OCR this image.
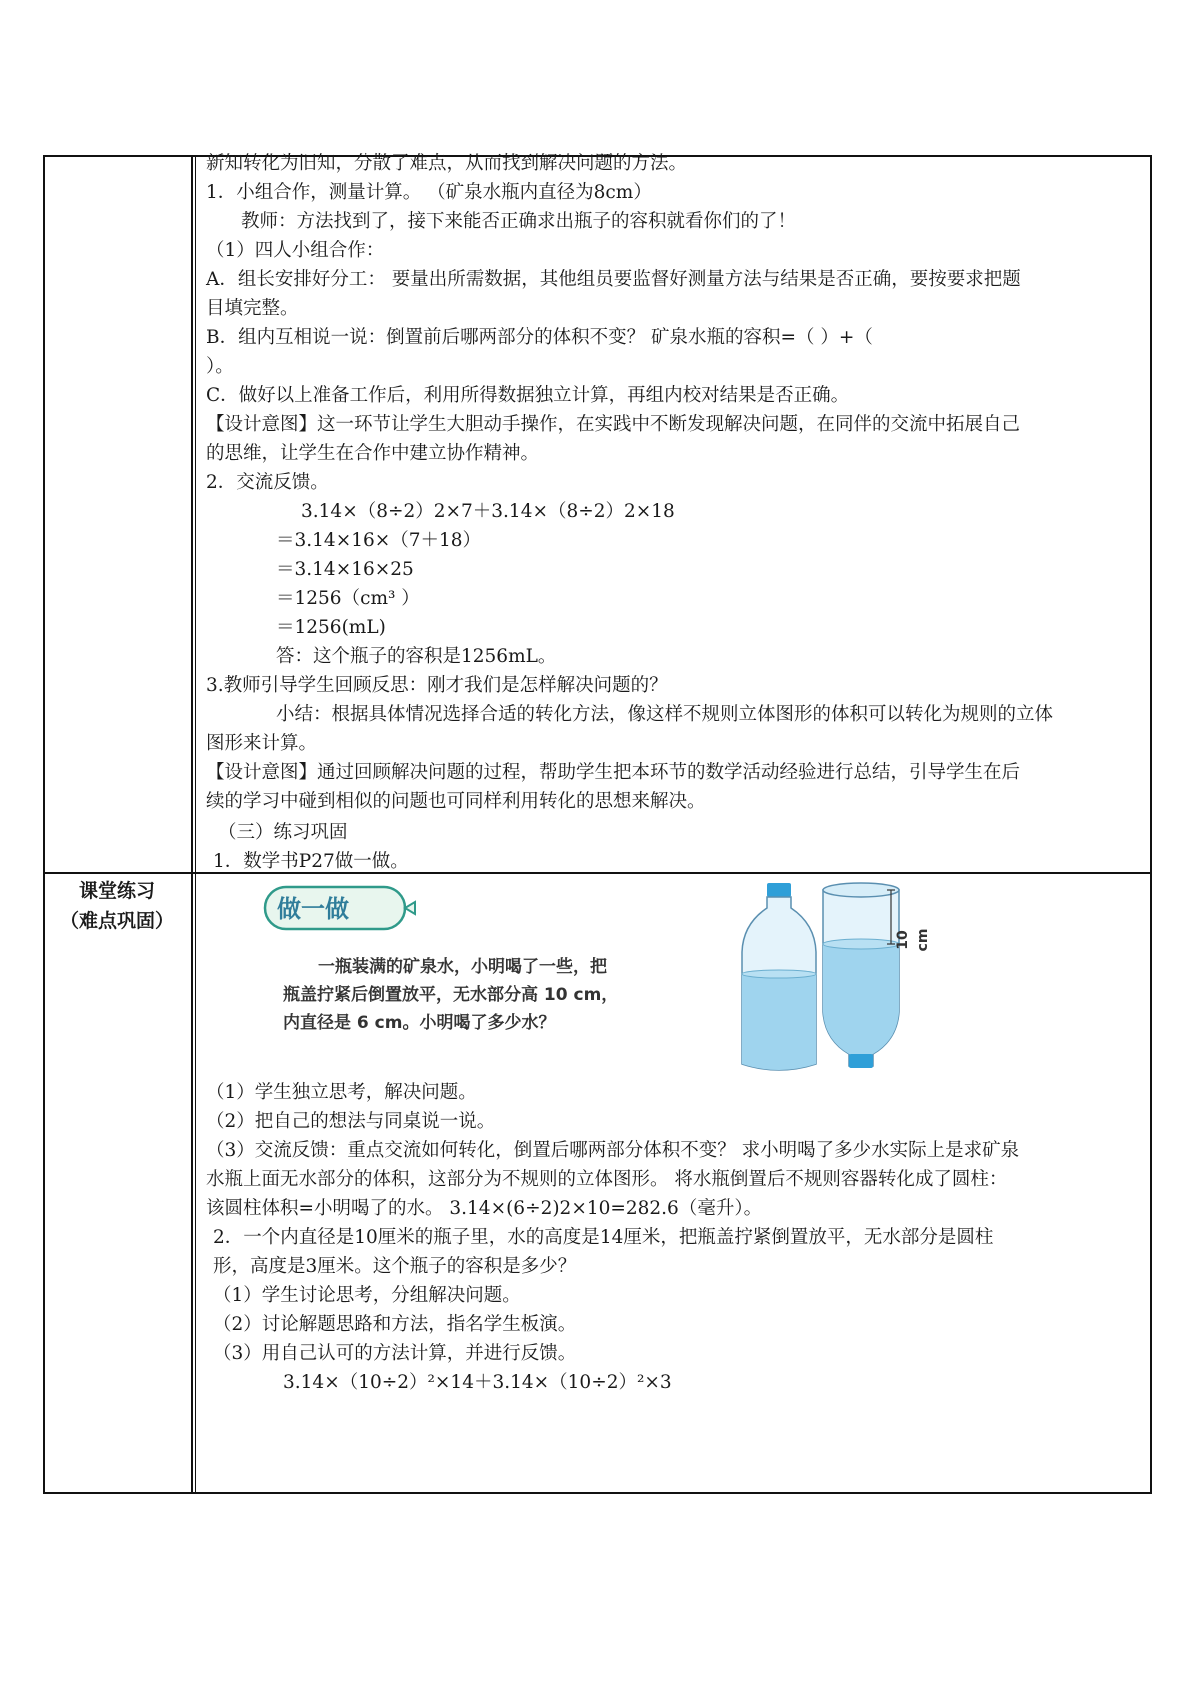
课堂练习
（难点巩固）
新知转化为旧知，分散了难点，从而找到解决问题的方法。
1．小组合作，测量计算。 （矿泉水瓶内直径为8cm）
教师：方法找到了，接下来能否正确求出瓶子的容积就看你们的了！
（1）四人小组合作：
A．组长安排好分工： 要量出所需数据，其他组员要监督好测量方法与结果是否正确，要按要求把题
目填完整。
B．组内互相说一说：倒置前后哪两部分的体积不变？ 矿泉水瓶的容积=（ ）+（
）。
C．做好以上准备工作后，利用所得数据独立计算，再组内校对结果是否正确。
【设计意图】这一环节让学生大胆动手操作，在实践中不断发现解决问题，在同伴的交流中拓展自己
的思维，让学生在合作中建立协作精神。
2．交流反馈。
3.14×（8÷2）2×7＋3.14×（8÷2）2×18
＝3.14×16×（7＋18）
＝3.14×16×25
＝1256（cm³ ）
＝1256(mL)
答：这个瓶子的容积是1256mL。
3.教师引导学生回顾反思：刚才我们是怎样解决问题的？
小结：根据具体情况选择合适的转化方法，像这样不规则立体图形的体积可以转化为规则的立体
图形来计算。
【设计意图】通过回顾解决问题的过程，帮助学生把本环节的数学活动经验进行总结，引导学生在后
续的学习中碰到相似的问题也可同样利用转化的思想来解决。
（三）练习巩固
1．数学书P27做一做。
做一做
一瓶装满的矿泉水，小明喝了一些，把
瓶盖拧紧后倒置放平，无水部分高 10 cm，
内直径是 6 cm。小明喝了多少水？
10 cm
（1）学生独立思考，解决问题。
（2）把自己的想法与同桌说一说。
（3）交流反馈：重点交流如何转化，倒置后哪两部分体积不变？ 求小明喝了多少水实际上是求矿泉
水瓶上面无水部分的体积，这部分为不规则的立体图形。 将水瓶倒置后不规则容器转化成了圆柱：
该圆柱体积=小明喝了的水。 3.14×(6÷2)2×10=282.6（毫升）。
2．一个内直径是10厘米的瓶子里，水的高度是14厘米，把瓶盖拧紧倒置放平，无水部分是圆柱
形，高度是3厘米。这个瓶子的容积是多少？
（1）学生讨论思考，分组解决问题。
（2）讨论解题思路和方法，指名学生板演。
（3）用自己认可的方法计算，并进行反馈。
3.14×（10÷2）²×14＋3.14×（10÷2）²×3
